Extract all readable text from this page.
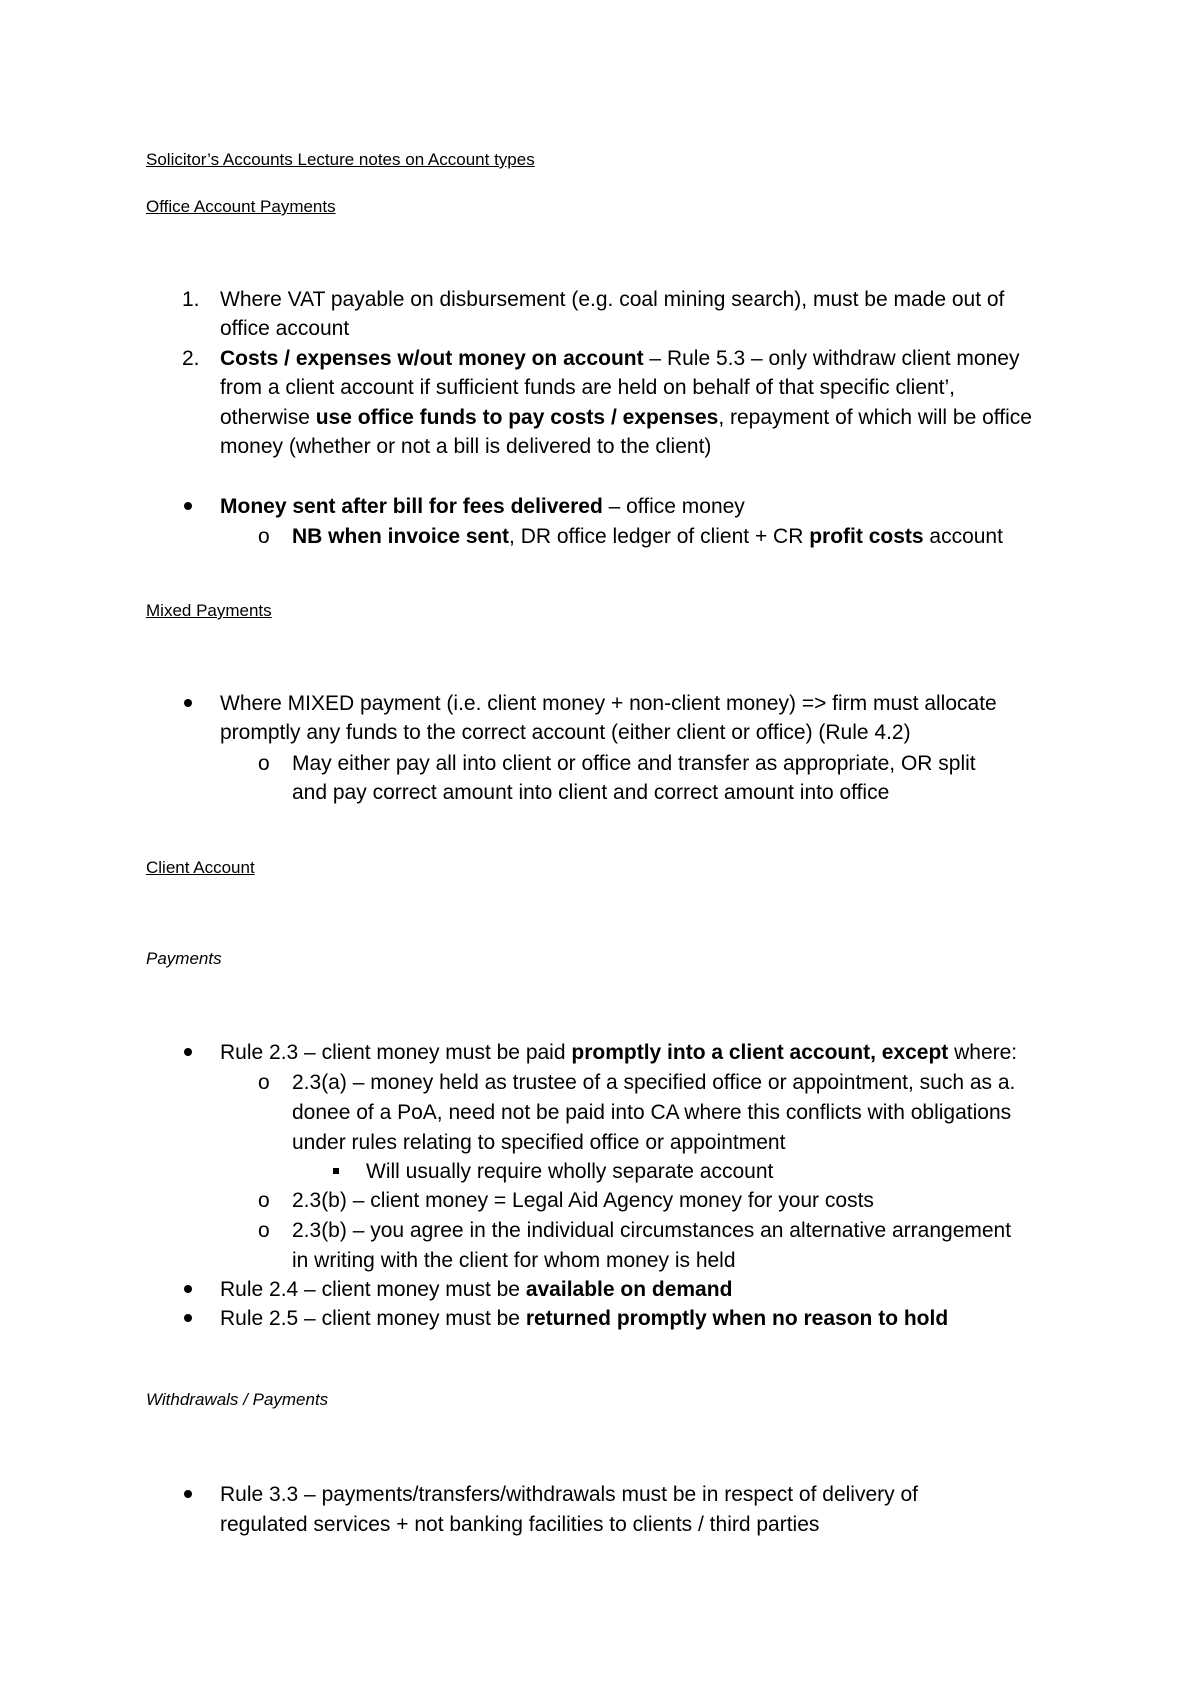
Solicitor’s Accounts Lecture notes on Account types
Office Account Payments
1. Where VAT payable on disbursement (e.g. coal mining search), must be made out of
office account
2. Costs / expenses w/out money on account – Rule 5.3 – only withdraw client money
from a client account if sufficient funds are held on behalf of that specific client’,
otherwise use office funds to pay costs / expenses, repayment of which will be office
money (whether or not a bill is delivered to the client)
Money sent after bill for fees delivered – office money
o NB when invoice sent, DR office ledger of client + CR profit costs account
Mixed Payments
Where MIXED payment (i.e. client money + non-client money) => firm must allocate
promptly any funds to the correct account (either client or office) (Rule 4.2)
o May either pay all into client or office and transfer as appropriate, OR split
and pay correct amount into client and correct amount into office
Client Account
Payments
Rule 2.3 – client money must be paid promptly into a client account, except where:
o 2.3(a) – money held as trustee of a specified office or appointment, such as a.
donee of a PoA, need not be paid into CA where this conflicts with obligations
under rules relating to specified office or appointment
Will usually require wholly separate account
o 2.3(b) – client money = Legal Aid Agency money for your costs
o 2.3(b) – you agree in the individual circumstances an alternative arrangement
in writing with the client for whom money is held
Rule 2.4 – client money must be available on demand
Rule 2.5 – client money must be returned promptly when no reason to hold
Withdrawals / Payments
Rule 3.3 – payments/transfers/withdrawals must be in respect of delivery of
regulated services + not banking facilities to clients / third parties
